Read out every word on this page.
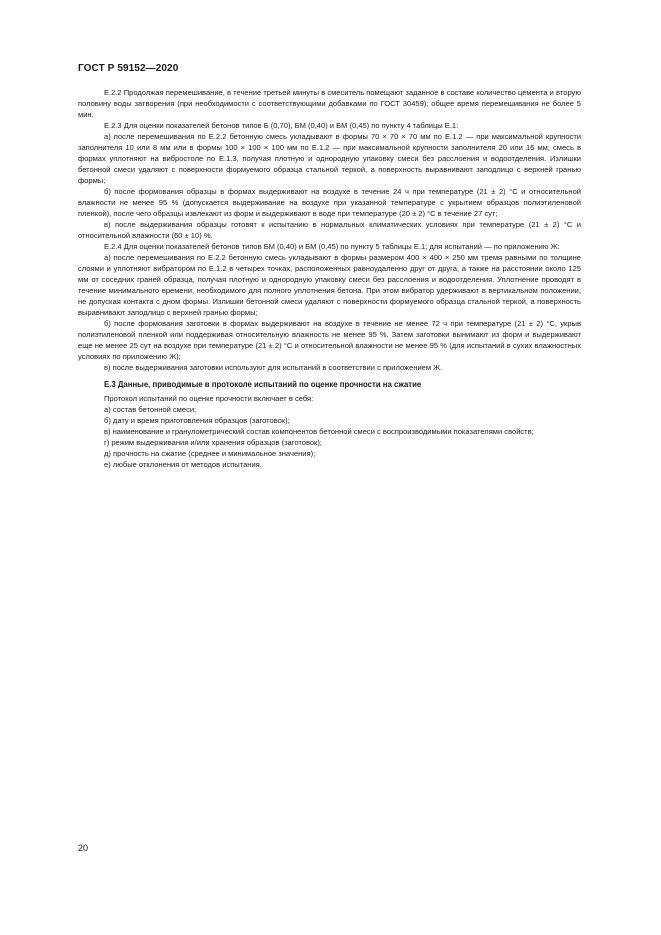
ГОСТ Р 59152—2020

Е.2.2 Продолжая перемешивание, в течение третьей минуты в смеситель помещают заданное в составе количество цемента и вторую половину воды затворения (при необходимости с соответствующими добавками по ГОСТ 30459); общее время перемешивания не более 5 мин.

Е.2.3 Для оценки показателей бетонов типов Б (0,70), БМ (0,40) и БМ (0,45) по пункту 4 таблицы Е.1:

а) после перемешивания по Е.2.2 бетонную смесь укладывают в формы 70 × 70 × 70 мм по Е.1.2 — при максимальной крупности заполнителя 10 или 8 мм или в формы 100 × 100 × 100 мм по Е.1.2 — при максимальной крупности заполнителя 20 или 16 мм; смесь в формах уплотняют на вибростоле по Е.1.3, получая плотную и однородную упаковку смеси без расслоения и водоотделения. Излишки бетонной смеси удаляют с поверхности формуемого образца стальной теркой, а поверхность выравнивают заподлицо с верхней гранью формы;

б) после формования образцы в формах выдерживают на воздухе в течение 24 ч при температуре (21 ± 2) °С и относительной влажности не менее 95 % (допускается выдерживание на воздухе при указанной температуре с укрытием образцов полиэтиленовой пленкой), после чего образцы извлекают из форм и выдерживают в воде при температуре (20 ± 2) °С в течение 27 сут;

в) после выдерживания образцы готовят к испытанию в нормальных климатических условиях при температуре (21 ± 2) °С и относительной влажности (60 ± 10) %.

Е.2.4 Для оценки показателей бетонов типов БМ (0,40) и БМ (0,45) по пункту 5 таблицы Е.1; для испытаний — по приложению Ж:

а) после перемешивания по Е.2.2 бетонную смесь укладывают в формы размером 400 × 400 × 250 мм тремя равными по толщине слоями и уплотняют вибратором по Е.1.2 в четырех точках, расположенных равноудаленно друг от друга, а также на расстоянии около 125 мм от соседних граней образца, получая плотную и однородную упаковку смеси без расслоения и водоотделения. Уплотнение проводят в течение минимального времени, необходимого для полного уплотнения бетона. При этом вибратор удерживают в вертикальном положении, не допуская контакта с дном формы. Излишки бетонной смеси удаляют с поверхности формуемого образца стальной теркой, а поверхность выравнивают заподлицо с верхней гранью формы;

б) после формования заготовки в формах выдерживают на воздухе в течение не менее 72 ч при температуре (21 ± 2) °С, укрыв полиэтиленовой пленкой или поддерживая относительную влажность не менее 95 %. Затем заготовки вынимают из форм и выдерживают еще не менее 25 сут на воздухе при температуре (21 ± 2) °С и относительной влажности не менее 95 % (для испытаний в сухих влажностных условиях по приложению Ж);

в) после выдерживания заготовки используют для испытаний в соответствии с приложением Ж.

Е.3 Данные, приводимые в протоколе испытаний по оценке прочности на сжатие

Протокол испытаний по оценке прочности включает в себя:

а) состав бетонной смеси;

б) дату и время приготовления образцов (заготовок);

в) наименование и гранулометрический состав компонентов бетонной смеси с воспроизводимыми показателями свойств;

г) режим выдерживания и/или хранения образцов (заготовок);

д) прочность на сжатие (среднее и минимальное значения);

е) любые отклонения от методов испытания.

20
